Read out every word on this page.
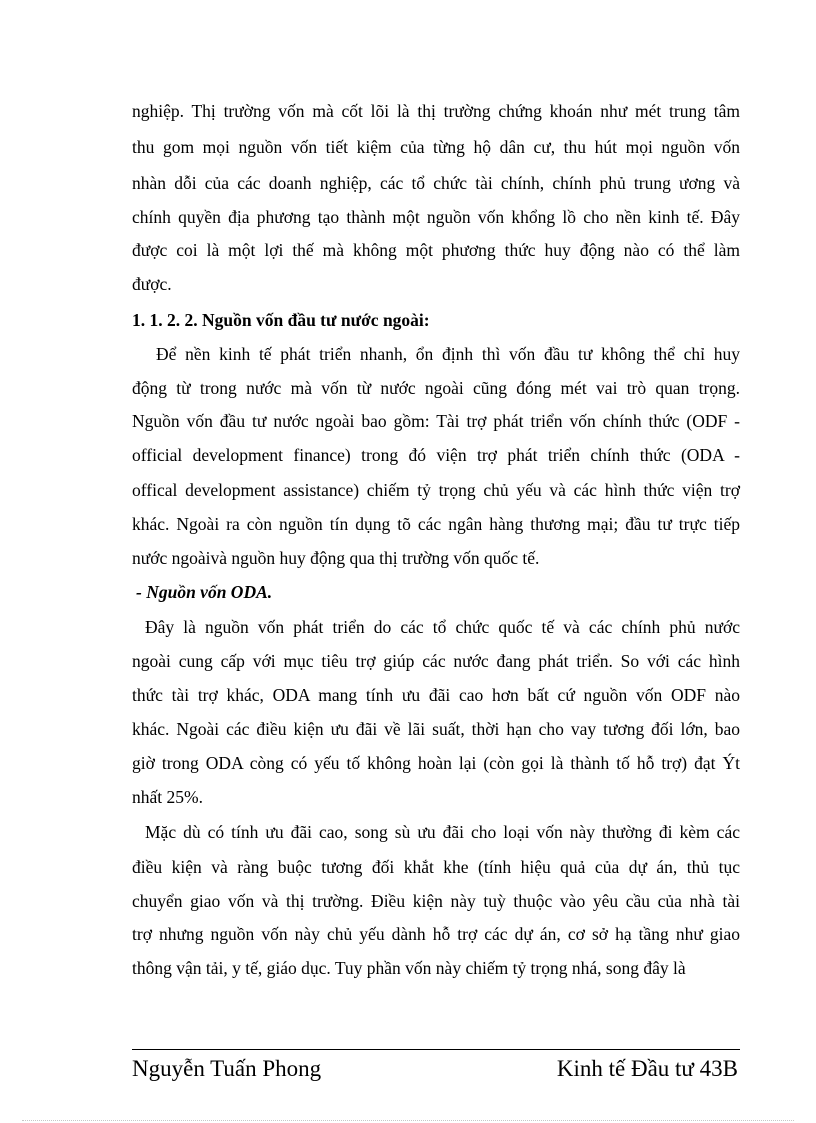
nghiệp. Thị trường vốn mà cốt lõi là thị trường chứng khoán như mét trung tâm
thu gom mọi nguồn vốn tiết kiệm của từng hộ dân cư, thu hút mọi nguồn vốn
nhàn dỗi của các doanh nghiệp, các tổ chức tài chính, chính phủ trung ương và
chính quyền địa phương tạo thành một nguồn vốn khổng lồ cho nền kinh tế. Đây
được coi là một lợi thế mà không một phương thức huy động nào có thể làm
được.
1. 1. 2. 2. Nguồn vốn đầu tư nước ngoài:
Để nền kinh tế phát triển nhanh, ổn định thì vốn đầu tư không thể chỉ huy
động từ trong nước mà vốn từ nước ngoài cũng đóng mét vai trò quan trọng.
Nguồn vốn đầu tư nước ngoài bao gồm: Tài trợ phát triển vốn chính thức (ODF -
official development finance) trong đó viện trợ phát triển chính thức (ODA -
offical development assistance) chiếm tỷ trọng chủ yếu và các hình thức viện trợ
khác. Ngoài ra còn nguồn tín dụng tõ các ngân hàng thương mại; đầu tư trực tiếp
nước ngoàivà nguồn huy động qua thị trường vốn quốc tế.
- Nguồn vốn ODA.
Đây là nguồn vốn phát triển do các tổ chức quốc tế và các chính phủ nước
ngoài cung cấp với mục tiêu trợ giúp các nước đang phát triển. So với các hình
thức tài trợ khác, ODA mang tính ưu đãi cao hơn bất cứ nguồn vốn ODF nào
khác. Ngoài các điều kiện ưu đãi về lãi suất, thời hạn cho vay tương đối lớn, bao
giờ trong ODA còng có yếu tố không hoàn lại (còn gọi là thành tố hỗ trợ) đạt Ýt
nhất 25%.
Mặc dù có tính ưu đãi cao, song sù ưu đãi cho loại vốn này thường đi kèm các
điều kiện và ràng buộc tương đối khắt khe (tính hiệu quả của dự án, thủ tục
chuyển giao vốn và thị trường. Điều kiện này tuỳ thuộc vào yêu cầu của nhà tài
trợ nhưng nguồn vốn này chủ yếu dành hỗ trợ các dự án, cơ sở hạ tầng như giao
thông vận tải, y tế, giáo dục. Tuy phần vốn này chiếm tỷ trọng nhá, song đây là
Nguyễn Tuấn Phong	Kinh tế Đầu tư 43B
